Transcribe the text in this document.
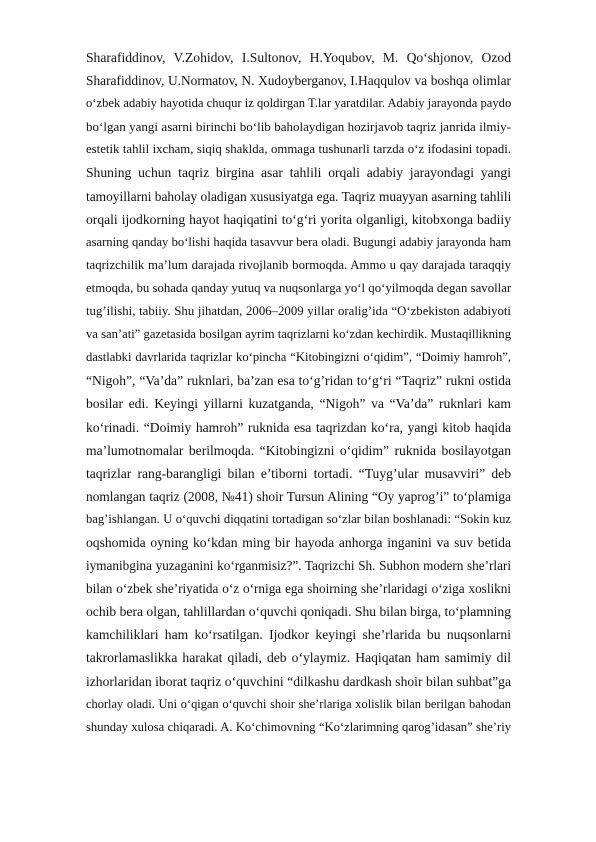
Sharafiddinov, V.Zohidov, I.Sultonov, H.Yoqubov, M. Qo‘shjonov, Ozod
Sharafiddinov, U.Normatov, N. Xudoyberganov, I.Haqqulov va boshqa olimlar
o‘zbek adabiy hayotida chuqur iz qoldirgan T.lar yaratdilar. Adabiy jarayonda paydo
bo‘lgan yangi asarni birinchi bo‘lib baholaydigan hozirjavob taqriz janrida ilmiy-
estetik tahlil ixcham, siqiq shaklda, ommaga tushunarli tarzda o‘z ifodasini topadi.
Shuning uchun taqriz birgina asar tahlili orqali adabiy jarayondagi yangi
tamoyillarni baholay oladigan xususiyatga ega. Taqriz muayyan asarning tahlili
orqali ijodkorning hayot haqiqatini to‘g‘ri yorita olganligi, kitobxonga badiiy
asarning qanday bo‘lishi haqida tasavvur bera oladi. Bugungi adabiy jarayonda ham
taqrizchilik ma’lum darajada rivojlanib bormoqda. Ammo u qay darajada taraqqiy
etmoqda, bu sohada qanday yutuq va nuqsonlarga yo‘l qo‘yilmoqda degan savollar
tug’ilishi, tabiiy. Shu jihatdan, 2006–2009 yillar oralig’ida “O‘zbekiston adabiyoti
va san’ati” gazetasida bosilgan ayrim taqrizlarni ko‘zdan kechirdik. Mustaqillikning
dastlabki davrlarida taqrizlar ko‘pincha “Kitobingizni o‘qidim”, “Doimiy hamroh”,
“Nigoh”, “Va’da” ruknlari, ba’zan esa to‘g’ridan to‘g‘ri “Taqriz” rukni ostida
bosilar edi. Keyingi yillarni kuzatganda, “Nigoh” va “Va’da” ruknlari kam
ko‘rinadi. “Doimiy hamroh” ruknida esa taqrizdan ko‘ra, yangi kitob haqida
ma’lumotnomalar berilmoqda. “Kitobingizni o‘qidim” ruknida bosilayotgan
taqrizlar rang-barangligi bilan e’tiborni tortadi. “Tuyg’ular musavviri” deb
nomlangan taqriz (2008, №41) shoir Tursun Alining “Oy yaprog’i” to‘plamiga
bag’ishlangan. U o‘quvchi diqqatini tortadigan so‘zlar bilan boshlanadi: “Sokin kuz
oqshomida oyning ko‘kdan ming bir hayoda anhorga inganini va suv betida
iymanibgina yuzaganini ko‘rganmisiz?”. Taqrizchi Sh. Subhon modern she’rlari
bilan o‘zbek she’riyatida o‘z o‘rniga ega shoirning she’rlaridagi o‘ziga xoslikni
ochib bera olgan, tahlillardan o‘quvchi qoniqadi. Shu bilan birga, to‘plamning
kamchiliklari ham ko‘rsatilgan. Ijodkor keyingi she’rlarida bu nuqsonlarni
takrorlamaslikka harakat qiladi, deb o‘ylaymiz. Haqiqatan ham samimiy dil
izhorlaridan iborat taqriz o‘quvchini “dilkashu dardkash shoir bilan suhbat”ga
chorlay oladi. Uni o‘qigan o‘quvchi shoir she’rlariga xolislik bilan berilgan bahodan
shunday xulosa chiqaradi. A. Ko‘chimovning “Ko‘zlarimning qarog’idasan” she’riy
